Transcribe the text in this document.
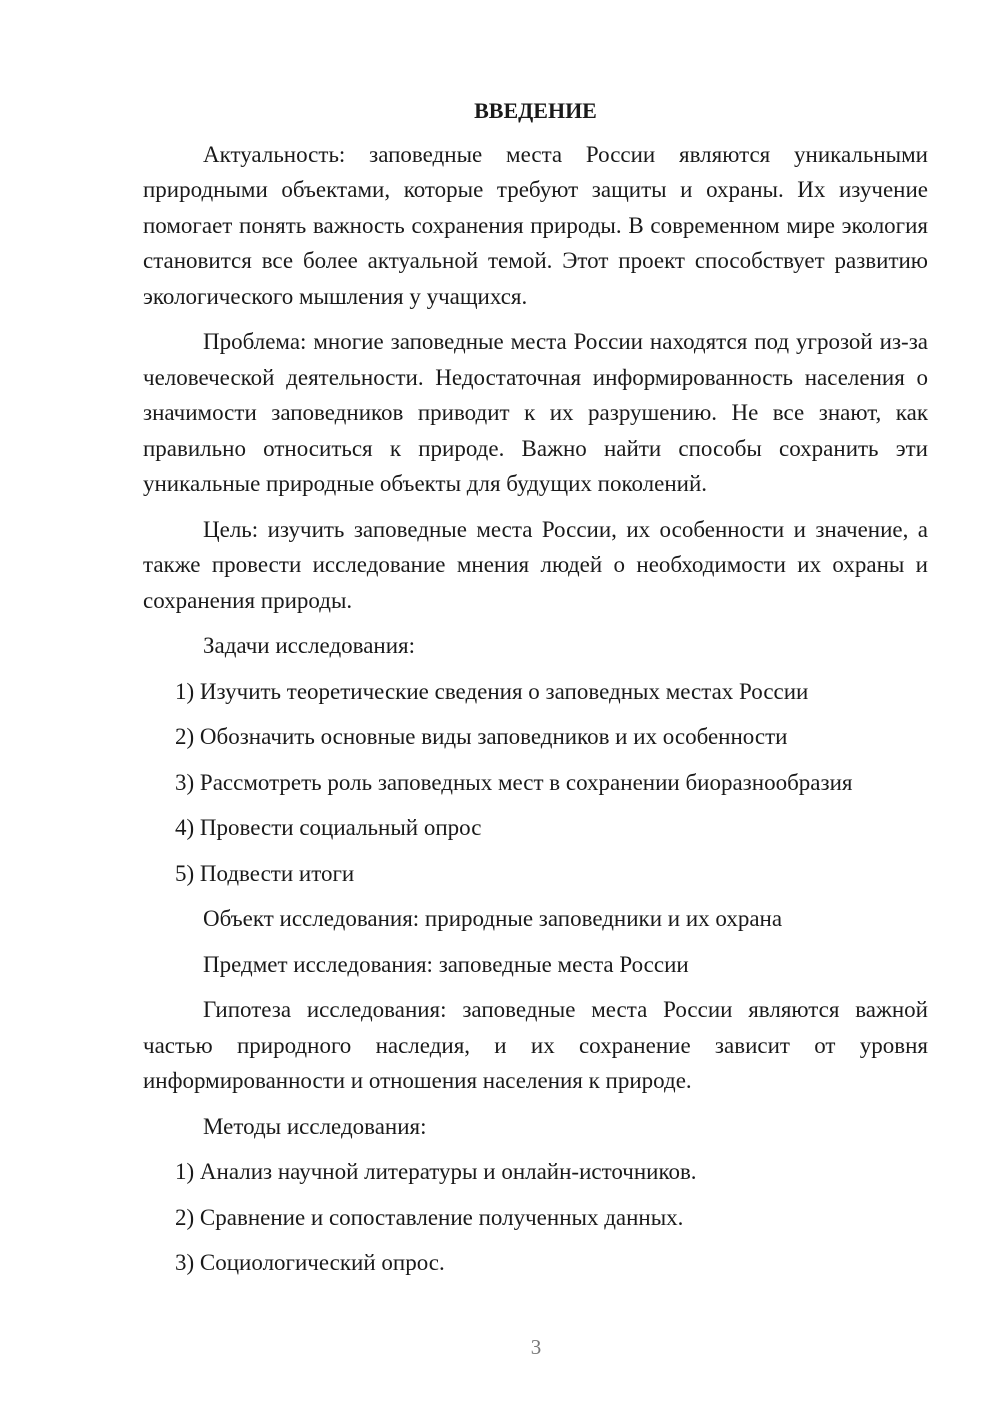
ВВЕДЕНИЕ

Актуальность: заповедные места России являются уникальными природными объектами, которые требуют защиты и охраны. Их изучение помогает понять важность сохранения природы. В современном мире экология становится все более актуальной темой. Этот проект способствует развитию экологического мышления у учащихся.

Проблема: многие заповедные места России находятся под угрозой из-за человеческой деятельности. Недостаточная информированность населения о значимости заповедников приводит к их разрушению. Не все знают, как правильно относиться к природе. Важно найти способы сохранить эти уникальные природные объекты для будущих поколений.

Цель: изучить заповедные места России, их особенности и значение, а также провести исследование мнения людей о необходимости их охраны и сохранения природы.

Задачи исследования:

1) Изучить теоретические сведения о заповедных местах России
2) Обозначить основные виды заповедников и их особенности
3) Рассмотреть роль заповедных мест в сохранении биоразнообразия
4) Провести социальный опрос
5) Подвести итоги

Объект исследования: природные заповедники и их охрана

Предмет исследования: заповедные места России

Гипотеза исследования: заповедные места России являются важной частью природного наследия, и их сохранение зависит от уровня информированности и отношения населения к природе.

Методы исследования:

1) Анализ научной литературы и онлайн-источников.
2) Сравнение и сопоставление полученных данных.
3) Социологический опрос.
3
